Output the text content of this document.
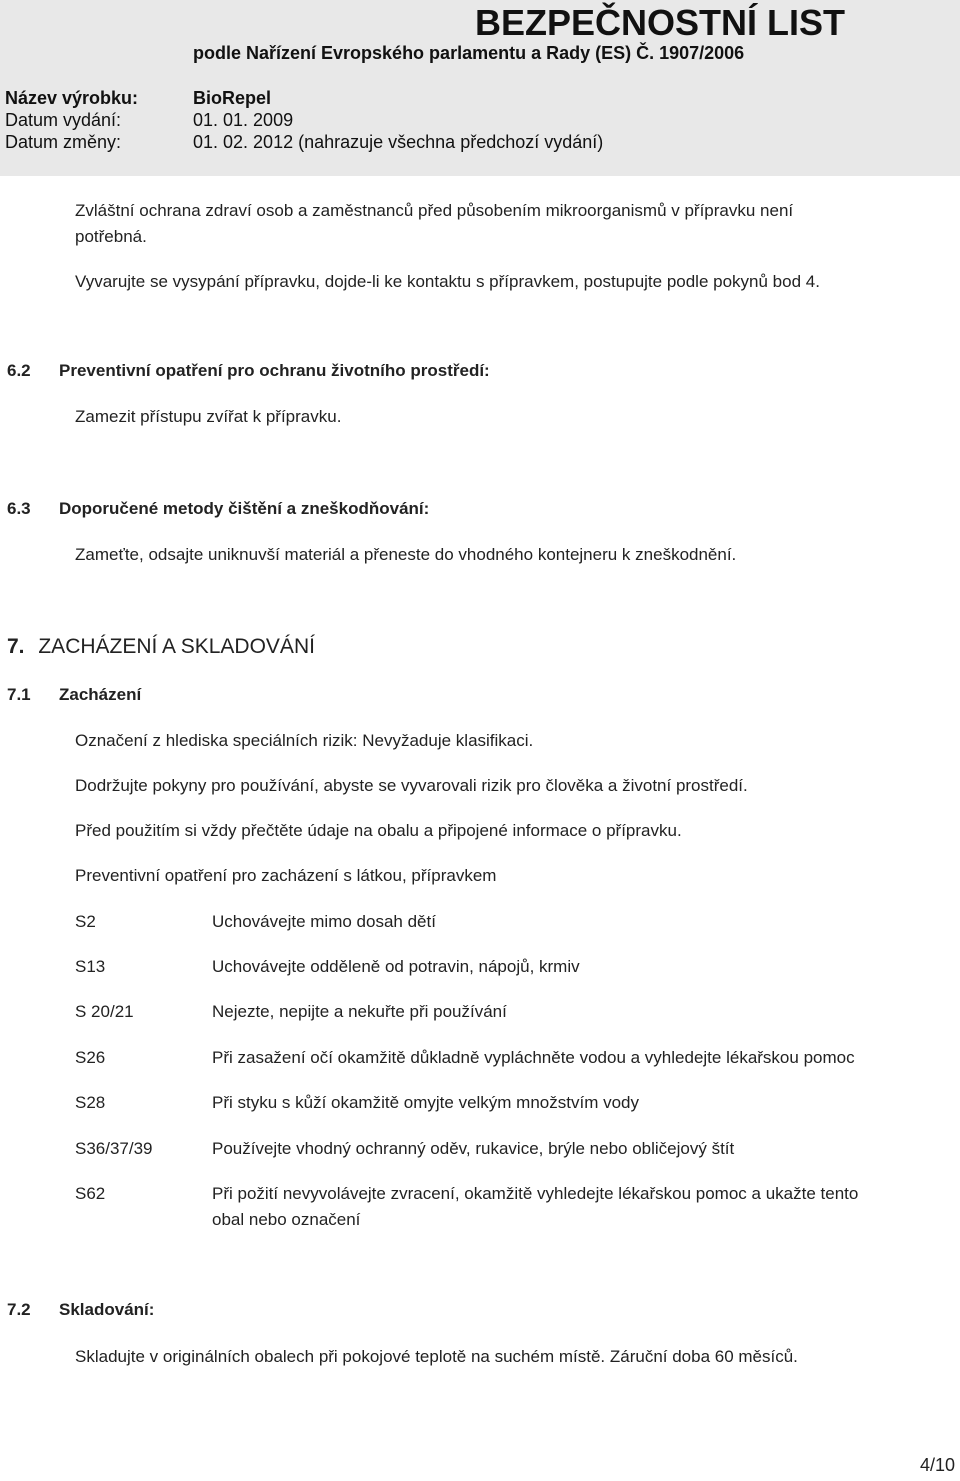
BEZPEČNOSTNÍ LIST
podle Nařízení Evropského parlamentu a Rady (ES) Č. 1907/2006
Název výrobku:	BioRepel
Datum vydání:	01. 01. 2009
Datum změny:	01. 02. 2012 (nahrazuje všechna předchozí vydání)
Zvláštní ochrana zdraví osob a zaměstnanců před působením mikroorganismů v přípravku není
potřebná.
Vyvarujte se vysypání přípravku, dojde-li ke kontaktu s přípravkem, postupujte podle pokynů bod 4.
6.2 Preventivní opatření pro ochranu životního prostředí:
Zamezit přístupu zvířat k přípravku.
6.3 Doporučené metody čištění a zneškodňování:
Zameťte, odsajte uniknuvší materiál a přeneste do vhodného kontejneru k zneškodnění.
7. ZACHÁZENÍ A SKLADOVÁNÍ
7.1 Zacházení
Označení z hlediska speciálních rizik: Nevyžaduje klasifikaci.
Dodržujte pokyny pro používání, abyste se vyvarovali rizik pro člověka a životní prostředí.
Před použitím si vždy přečtěte údaje na obalu a připojené informace o přípravku.
Preventivní opatření pro zacházení s látkou, přípravkem
S2	Uchovávejte mimo dosah dětí
S13	Uchovávejte odděleně od potravin, nápojů, krmiv
S 20/21	Nejezte, nepijte a nekuřte při používání
S26	Při zasažení očí okamžitě důkladně vypláchněte vodou a vyhledejte lékařskou pomoc
S28	Při styku s kůží okamžitě omyjte velkým množstvím vody
S36/37/39	Používejte vhodný ochranný oděv, rukavice, brýle nebo obličejový štít
S62	Při požití nevyvolávejte zvracení, okamžitě vyhledejte lékařskou pomoc a ukažte tento
obal nebo označení
7.2 Skladování:
Skladujte v originálních obalech při pokojové teplotě na suchém místě. Záruční doba 60 měsíců.
4/10
